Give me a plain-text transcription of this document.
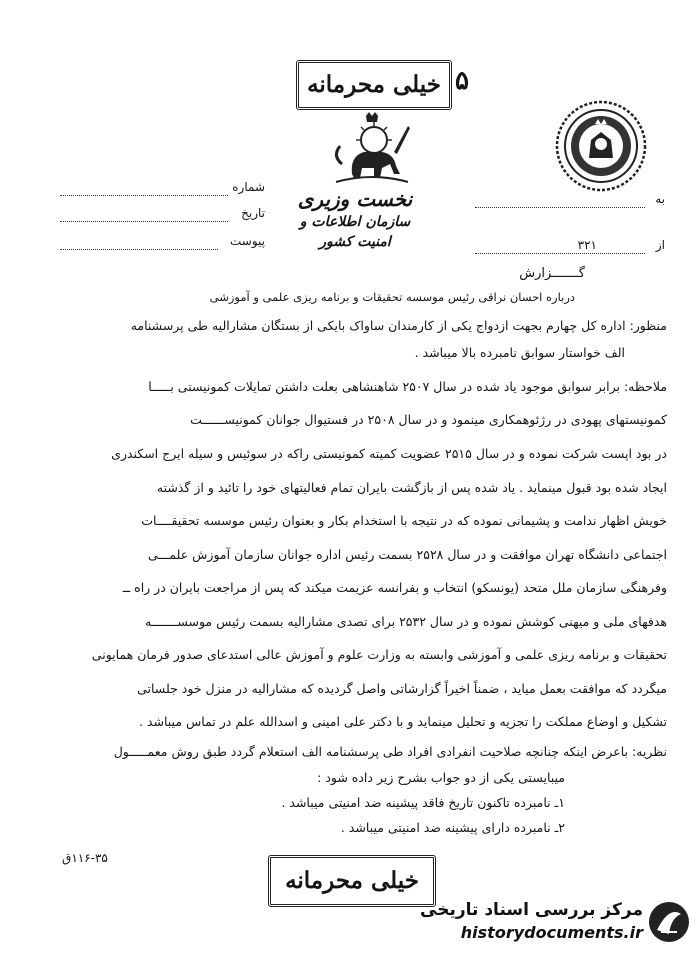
خیلی محرمانه ۵
نخست وزیری
سازمان اطلاعات و امنیت کشور
شماره
تاریخ
پیوست
به
۳۲۱	از
گـــــــزارش
درباره احسان نراقی رئیس موسسه تحقیقات و برنامه ریزی علمی و آموزشی
منظور: اداره کل چهارم بجهت ازدواج یکی از کارمندان ساواک بایکی از بستگان مشارالیه طی پرسشنامه
الف خواستار سوابق نامبرده بالا میباشد .
ملاحظه: برابر سوابق موجود یاد شده در سال ۲۵۰۷ شاهنشاهی بعلت داشتن تمایلات کمونیستی بـــــا
کمونیستهای پهودی در رژئوهمکاری مینمود و در سال ۲۵۰۸ در فستیوال جوانان کمونیســــــت
در بود اپست شرکت نموده و در سال ۲۵۱۵ عضویت کمیته کمونیستی راکه در سوئیس و سیله ایرج اسکندری
ایجاد شده بود قبول مینماید . یاد شده پس از بازگشت بایران تمام فعالیتهای خود را تائید و از گذشته
خویش اظهار ندامت و پشیمانی نموده که در نتیجه با استخدام بکار و بعنوان رئیس موسسه تحقیقــــات
اجتماعی دانشگاه تهران موافقت و در سال ۲۵۲۸ بسمت رئیس اداره جوانان سازمان آموزش علمـــی
وفرهنگی سازمان ملل متحد (یونسکو) انتخاب و بفرانسه عزیمت میکند که پس از مراجعت بایران در راه ــ
هدفهای ملی و میهنی کوشش نموده و در سال ۲۵۳۲ برای تصدی مشارالیه بسمت رئیس موسســـــــه
تحقیقات و برنامه ریزی علمی و آموزشی وابسته به وزارت علوم و آموزش عالی استدعای صدور فرمان همایونی
میگردد که موافقت بعمل میاید ، ضمناً اخیراً گزارشاتی واصل گردیده که مشارالیه در منزل خود جلساتی
تشکیل و اوضاع مملکت را تجزیه و تحلیل مینماید و با دکتر علی امینی و اسدالله علم در تماس میباشد .
نظریه: باعرض اینکه چنانچه صلاحیت انفرادی افراد طی پرسشنامه الف استعلام گردد طبق روش معمـــــول
میبایستی یکی از دو جواب بشرح زیر داده شود :
۱ـ نامبرده تاکنون تاریخ فاقد پیشینه ضد امنیتی میباشد .
۲ـ نامبرده دارای پیشینه ضد امنیتی میباشد .
خیلی محرمانه
۱۱۶-۳۵ق
مرکز بررسی اسناد تاریخی
historydocuments.ir
